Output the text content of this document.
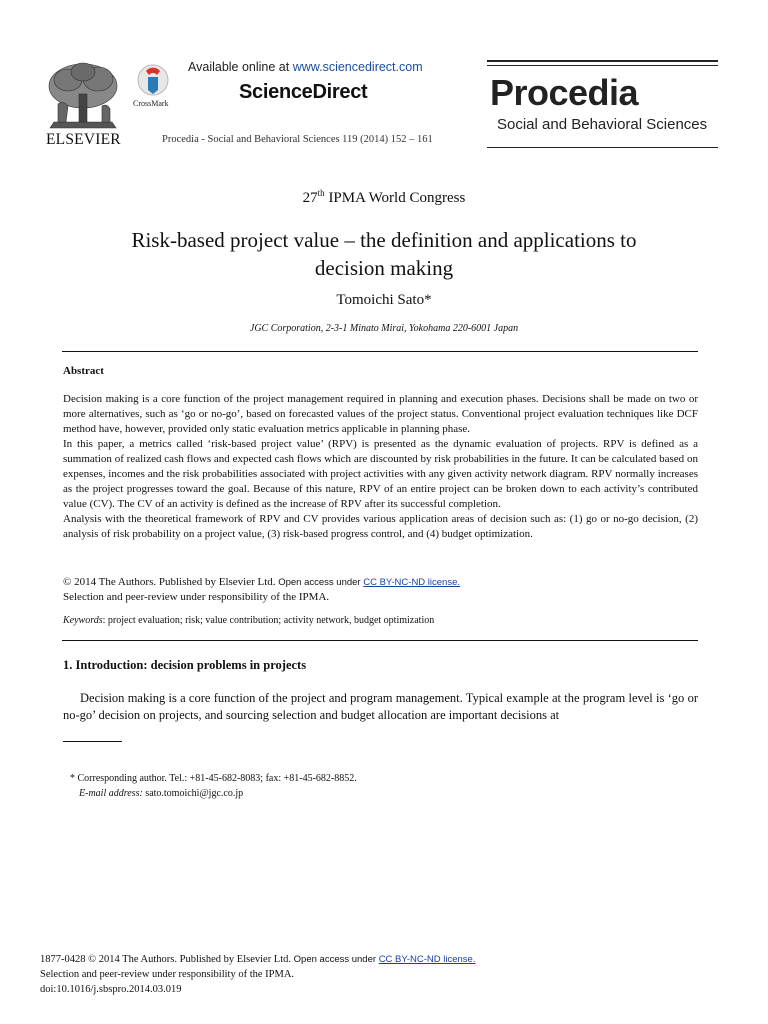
ELSEVIER
CrossMark
Available online at www.sciencedirect.com
ScienceDirect
Procedia - Social and Behavioral Sciences 119 (2014) 152 – 161
Procedia
Social and Behavioral Sciences
27th IPMA World Congress
Risk-based project value – the definition and applications to
decision making
Tomoichi Sato*
JGC Corporation, 2-3-1 Minato Mirai, Yokohama 220-6001 Japan
Abstract

Decision making is a core function of the project management required in planning and execution phases. Decisions shall be made on two or more alternatives, such as ‘go or no-go’, based on forecasted values of the project status. Conventional project evaluation techniques like DCF method have, however, provided only static evaluation metrics applicable in planning phase.

In this paper, a metrics called ‘risk-based project value’ (RPV) is presented as the dynamic evaluation of projects. RPV is defined as a summation of realized cash flows and expected cash flows which are discounted by risk probabilities in the future. It can be calculated based on expenses, incomes and the risk probabilities associated with project activities with any given activity network diagram. RPV normally increases as the project progresses toward the goal. Because of this nature, RPV of an entire project can be broken down to each activity’s contributed value (CV). The CV of an activity is defined as the increase of RPV after its successful completion.

Analysis with the theoretical framework of RPV and CV provides various application areas of decision such as: (1) go or no-go decision, (2) analysis of risk probability on a project value, (3) risk-based progress control, and (4) budget optimization.

© 2014 The Authors. Published by Elsevier Ltd. Open access under CC BY-NC-ND license.
Selection and peer-review under responsibility of the IPMA.
Keywords: project evaluation; risk; value contribution; activity network, budget optimization
1. Introduction: decision problems in projects
Decision making is a core function of the project and program management. Typical example at the program level is ‘go or no-go’ decision on projects, and sourcing selection and budget allocation are important decisions at
* Corresponding author. Tel.: +81-45-682-8083; fax: +81-45-682-8852.
E-mail address: sato.tomoichi@jgc.co.jp
1877-0428 © 2014 The Authors. Published by Elsevier Ltd. Open access under CC BY-NC-ND license.
Selection and peer-review under responsibility of the IPMA.
doi:10.1016/j.sbspro.2014.03.019
